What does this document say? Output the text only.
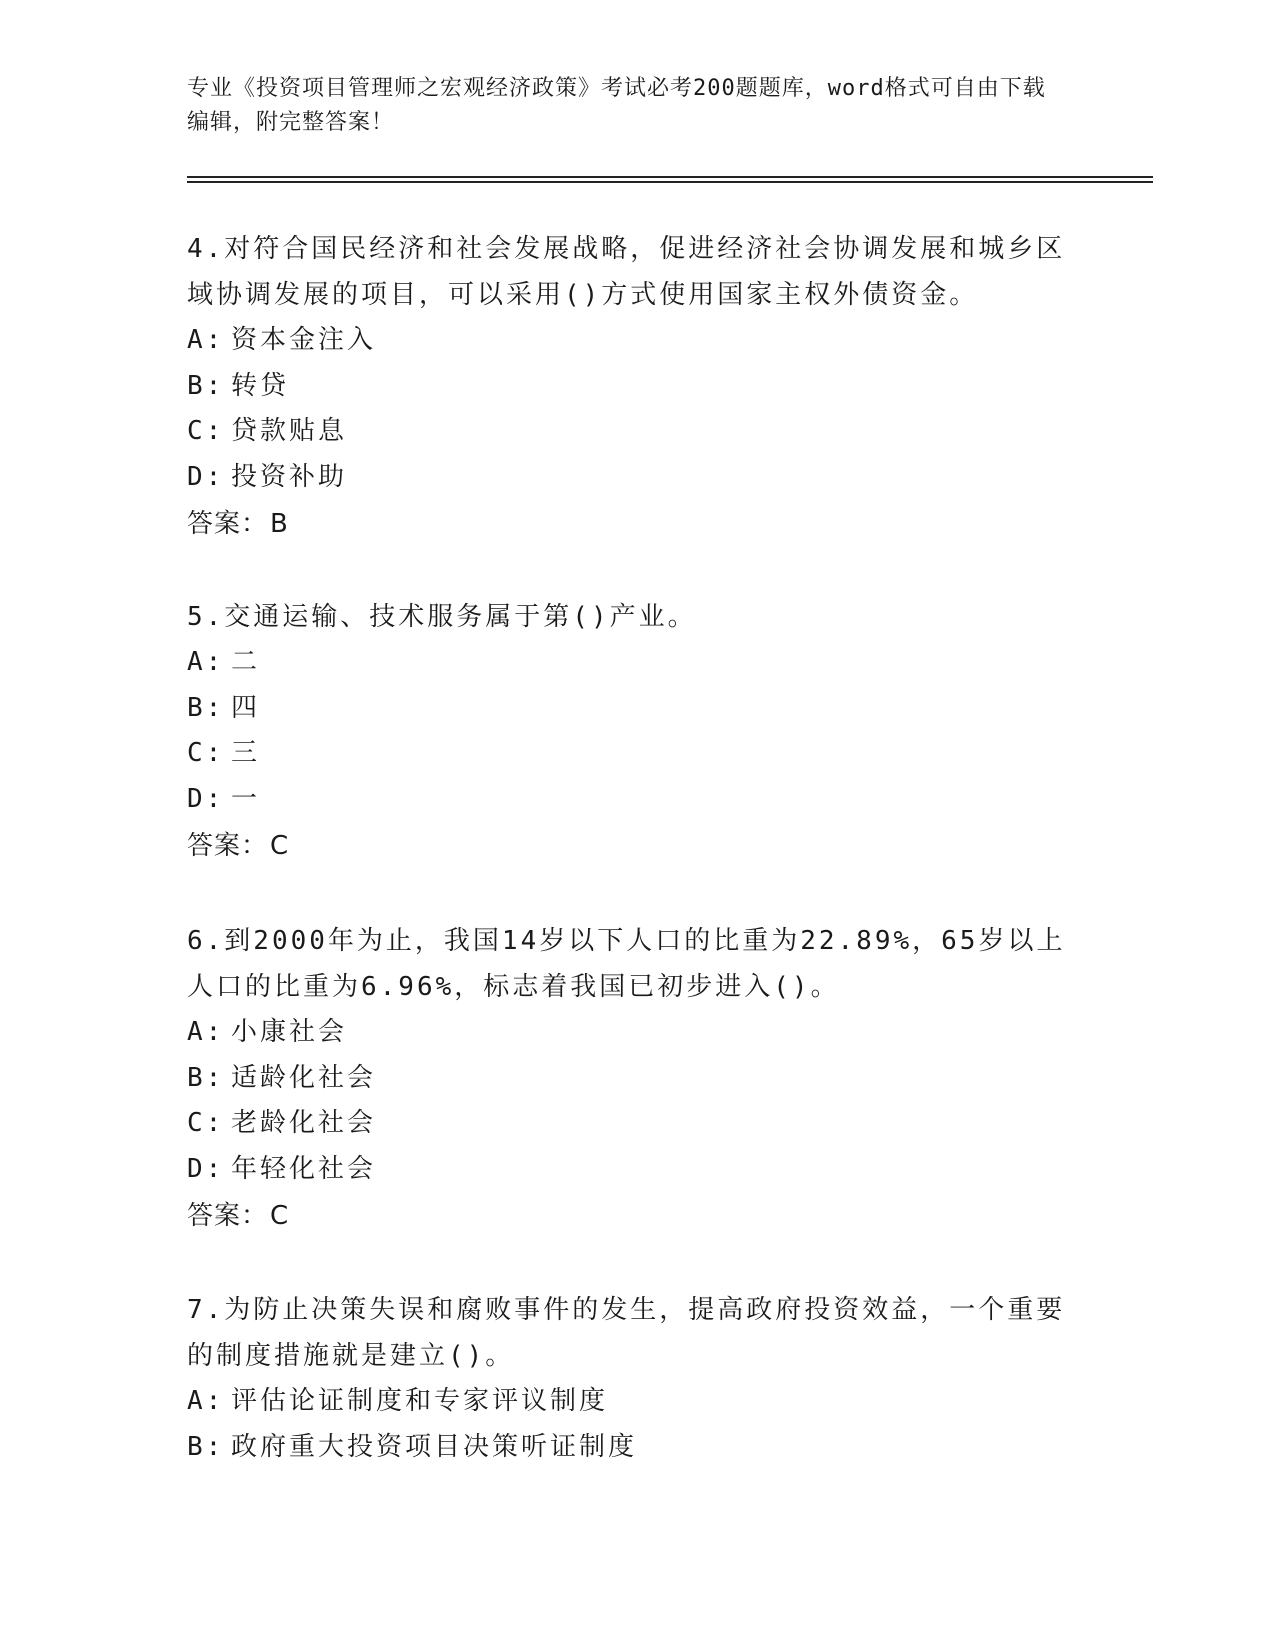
专业《投资项目管理师之宏观经济政策》考试必考200题题库，word格式可自由下载编辑，附完整答案！
4.对符合国民经济和社会发展战略，促进经济社会协调发展和城乡区域协调发展的项目，可以采用()方式使用国家主权外债资金。
A: 资本金注入
B: 转贷
C: 贷款贴息
D: 投资补助
答案：B
5.交通运输、技术服务属于第()产业。
A: 二
B: 四
C: 三
D: 一
答案：C
6.到2000年为止，我国14岁以下人口的比重为22.89%，65岁以上人口的比重为6.96%，标志着我国已初步进入()。
A: 小康社会
B: 适龄化社会
C: 老龄化社会
D: 年轻化社会
答案：C
7.为防止决策失误和腐败事件的发生，提高政府投资效益，一个重要的制度措施就是建立()。
A: 评估论证制度和专家评议制度
B: 政府重大投资项目决策听证制度
